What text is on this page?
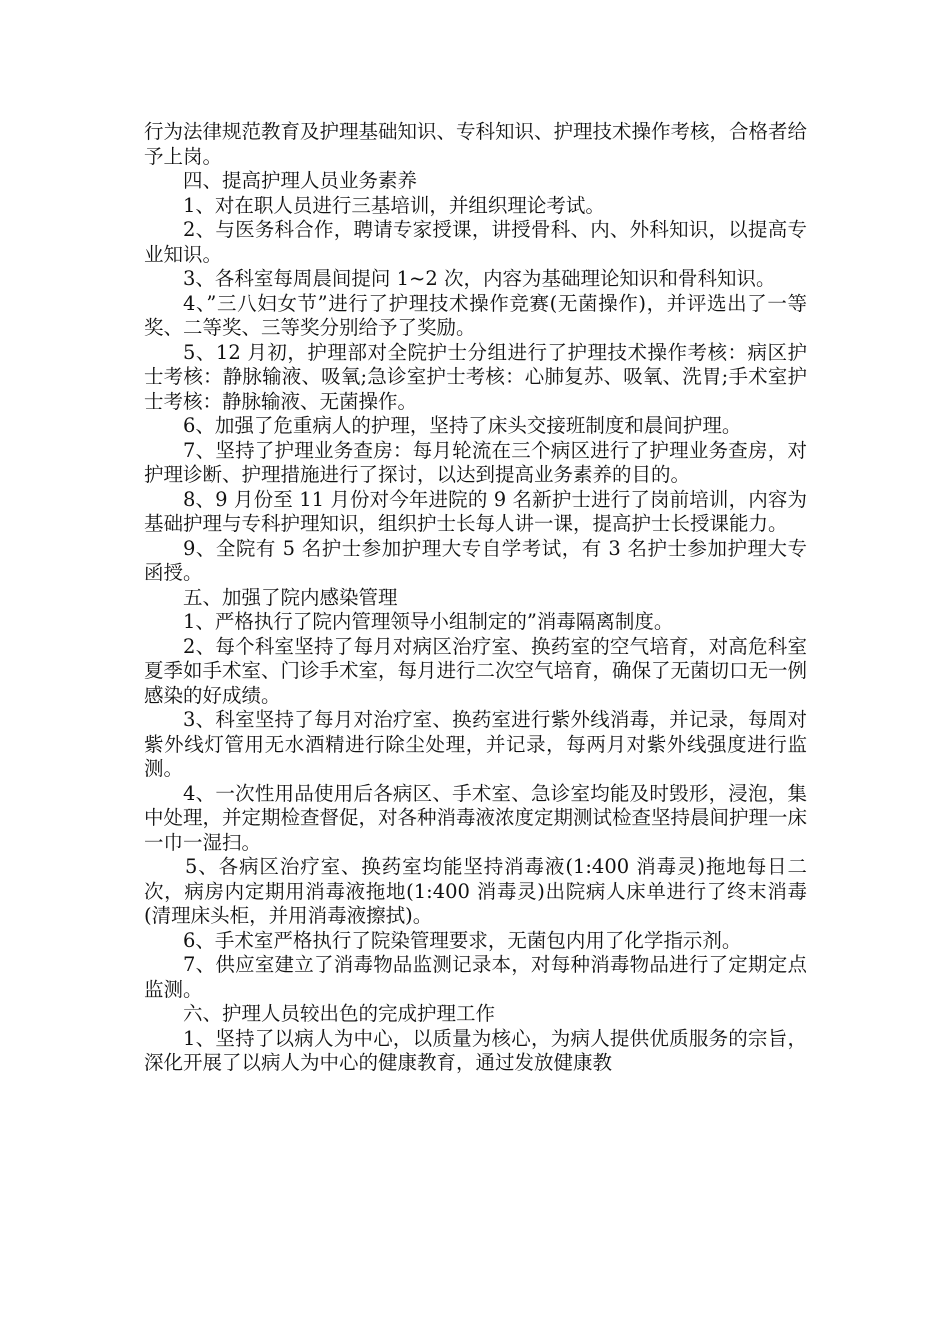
行为法律规范教育及护理基础知识、专科知识、护理技术操作考核，合格者给予上岗。

四、提高护理人员业务素养

1、对在职人员进行三基培训，并组织理论考试。

2、与医务科合作，聘请专家授课，讲授骨科、内、外科知识，以提高专业知识。

3、各科室每周晨间提问 1~2 次，内容为基础理论知识和骨科知识。

4、”三八妇女节”进行了护理技术操作竞赛(无菌操作)，并评选出了一等奖、二等奖、三等奖分别给予了奖励。

5、12 月初，护理部对全院护士分组进行了护理技术操作考核：病区护士考核：静脉输液、吸氧;急诊室护士考核：心肺复苏、吸氧、洗胃;手术室护士考核：静脉输液、无菌操作。

6、加强了危重病人的护理，坚持了床头交接班制度和晨间护理。

7、坚持了护理业务查房：每月轮流在三个病区进行了护理业务查房，对护理诊断、护理措施进行了探讨，以达到提高业务素养的目的。

8、9 月份至 11 月份对今年进院的 9 名新护士进行了岗前培训，内容为基础护理与专科护理知识，组织护士长每人讲一课，提高护士长授课能力。

9、全院有 5 名护士参加护理大专自学考试，有 3 名护士参加护理大专函授。

五、加强了院内感染管理

1、严格执行了院内管理领导小组制定的”消毒隔离制度。

2、每个科室坚持了每月对病区治疗室、换药室的空气培育，对高危科室夏季如手术室、门诊手术室，每月进行二次空气培育，确保了无菌切口无一例感染的好成绩。

3、科室坚持了每月对治疗室、换药室进行紫外线消毒，并记录，每周对紫外线灯管用无水酒精进行除尘处理，并记录，每两月对紫外线强度进行监测。

4、一次性用品使用后各病区、手术室、急诊室均能及时毁形，浸泡，集中处理，并定期检查督促，对各种消毒液浓度定期测试检查坚持晨间护理一床一巾一湿扫。

5、各病区治疗室、换药室均能坚持消毒液(1:400 消毒灵)拖地每日二次，病房内定期用消毒液拖地(1:400 消毒灵)出院病人床单进行了终末消毒(清理床头柜，并用消毒液擦拭)。

6、手术室严格执行了院染管理要求，无菌包内用了化学指示剂。

7、供应室建立了消毒物品监测记录本，对每种消毒物品进行了定期定点监测。

六、护理人员较出色的完成护理工作

1、坚持了以病人为中心，以质量为核心，为病人提供优质服务的宗旨，深化开展了以病人为中心的健康教育，通过发放健康教
